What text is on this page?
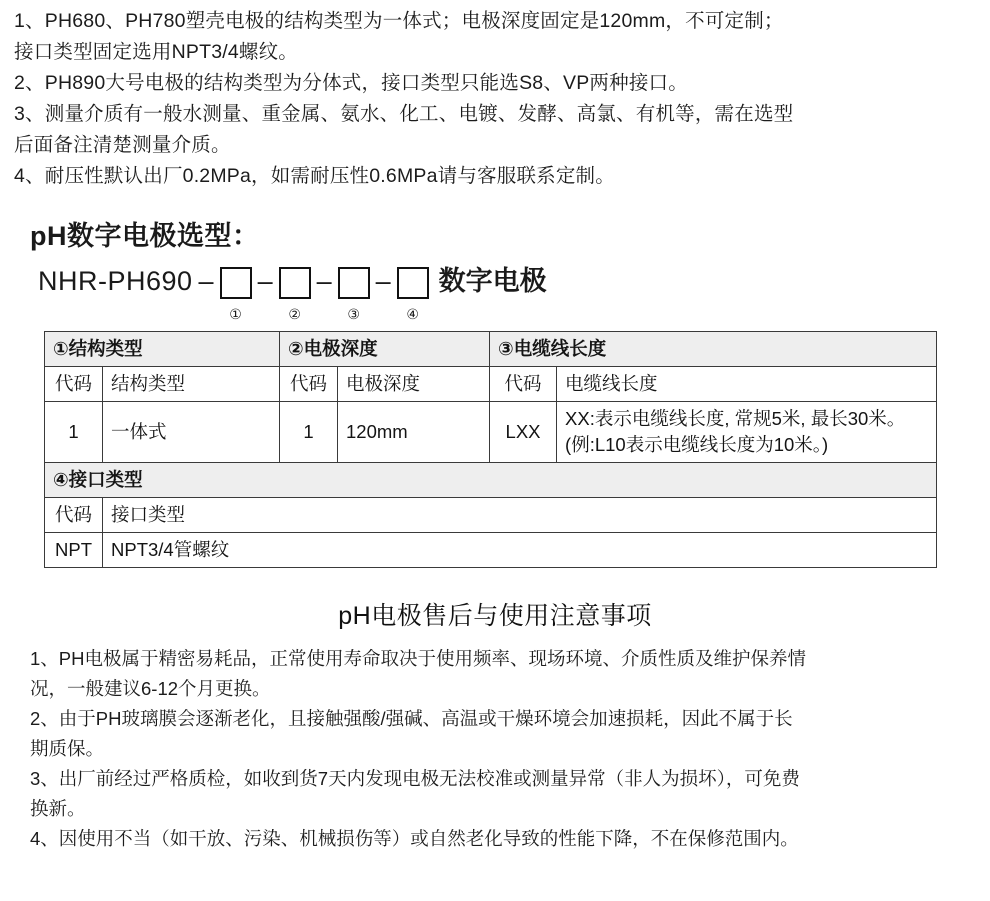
1、PH680、PH780塑壳电极的结构类型为一体式；电极深度固定是120mm，不可定制；
接口类型固定选用NPT3/4螺纹。
2、PH890大号电极的结构类型为分体式，接口类型只能选S8、VP两种接口。
3、测量介质有一般水测量、重金属、氨水、化工、电镀、发酵、高氯、有机等，需在选型
后面备注清楚测量介质。
4、耐压性默认出厂0.2MPa，如需耐压性0.6MPa请与客服联系定制。
pH数字电极选型：
NHR-PH690 –
①
–
②
–
③
–
④
数字电极
①结构类型		②电极深度		③电缆线长度	
代码	结构类型	代码	电极深度	代码	电缆线长度
1	一体式	1	120mm	LXX	XX:表示电缆线长度, 常规5米, 最长30米。
(例:L10表示电缆线长度为10米。)

④接口类型					
代码	接口类型				
NPT	NPT3/4管螺纹				
pH电极售后与使用注意事项
1、PH电极属于精密易耗品，正常使用寿命取决于使用频率、现场环境、介质性质及维护保养情
况，一般建议6-12个月更换。
2、由于PH玻璃膜会逐渐老化，且接触强酸/强碱、高温或干燥环境会加速损耗，因此不属于长
期质保。
3、出厂前经过严格质检，如收到货7天内发现电极无法校准或测量异常（非人为损坏），可免费
换新。
4、因使用不当（如干放、污染、机械损伤等）或自然老化导致的性能下降，不在保修范围内。
